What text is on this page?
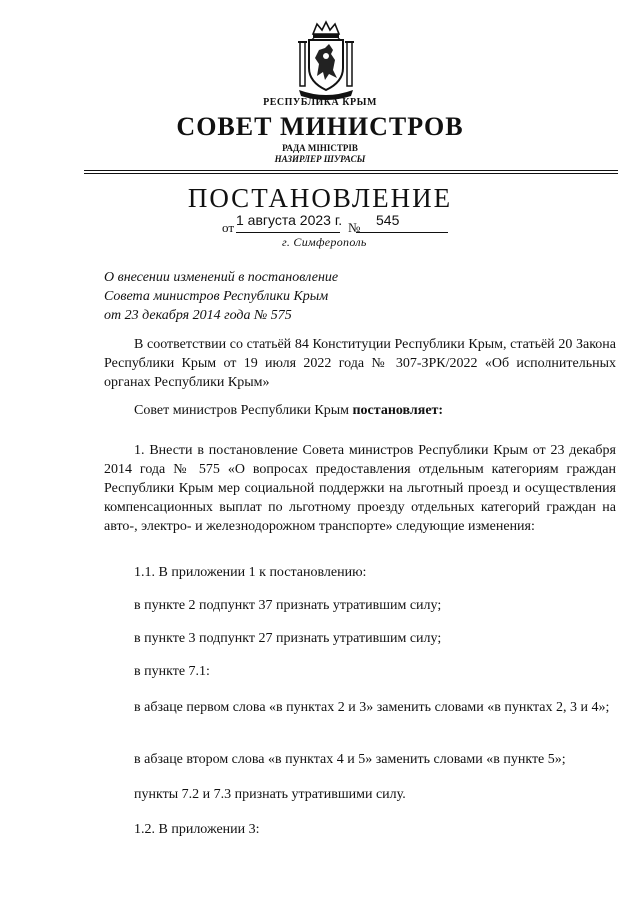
РЕСПУБЛИКА КРЫМ
СОВЕТ МИНИСТРОВ
РАДА МІНІСТРІВ
НАЗИРЛЕР ШУРАСЫ
ПОСТАНОВЛЕНИЕ
от 1 августа 2023 г. № 545
г. Симферополь
О внесении изменений в постановление
Совета министров Республики Крым
от 23 декабря 2014 года № 575
В соответствии со статьёй 84 Конституции Республики Крым, статьёй 20 Закона Республики Крым от 19 июля 2022 года № 307-ЗРК/2022 «Об исполнительных органах Республики Крым»
Совет министров Республики Крым постановляет:
1. Внести в постановление Совета министров Республики Крым от 23 декабря 2014 года № 575 «О вопросах предоставления отдельным категориям граждан Республики Крым мер социальной поддержки на льготный проезд и осуществления компенсационных выплат по льготному проезду отдельных категорий граждан на авто-, электро- и железнодорожном транспорте» следующие изменения:
1.1. В приложении 1 к постановлению:
в пункте 2 подпункт 37 признать утратившим силу;
в пункте 3 подпункт 27 признать утратившим силу;
в пункте 7.1:
в абзаце первом слова «в пунктах 2 и 3» заменить словами «в пунктах 2, 3 и 4»;
в абзаце втором слова «в пунктах 4 и 5» заменить словами «в пункте 5»;
пункты 7.2 и 7.3 признать утратившими силу.
1.2. В приложении 3:
